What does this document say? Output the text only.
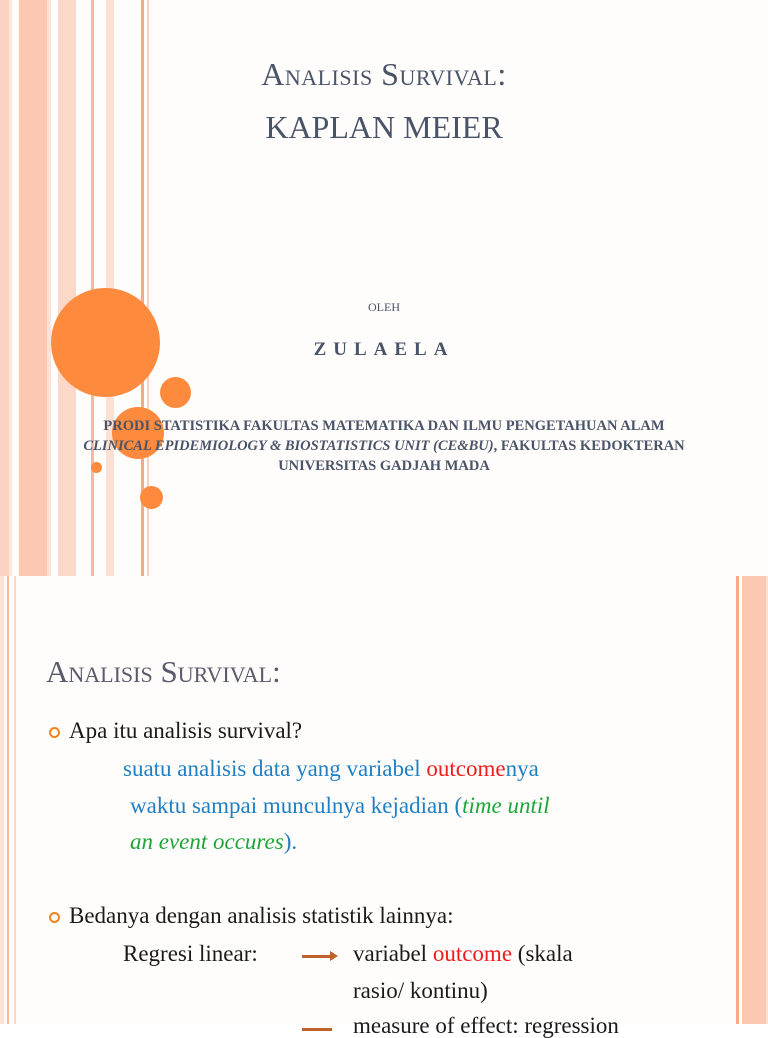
Analisis Survival:
KAPLAN MEIER
OLEH
ZULAELA
PRODI STATISTIKA FAKULTAS MATEMATIKA DAN ILMU PENGETAHUAN ALAM
CLINICAL EPIDEMIOLOGY & BIOSTATISTICS UNIT (CE&BU), FAKULTAS KEDOKTERAN
UNIVERSITAS GADJAH MADA
Analisis Survival:
Apa itu analisis survival?
suatu analisis data yang variabel outcomenya
waktu sampai munculnya kejadian (time until
an event occures).
Bedanya dengan analisis statistik lainnya:
Regresi linear:	variabel outcome (skala
rasio/ kontinu)
measure of effect: regression
